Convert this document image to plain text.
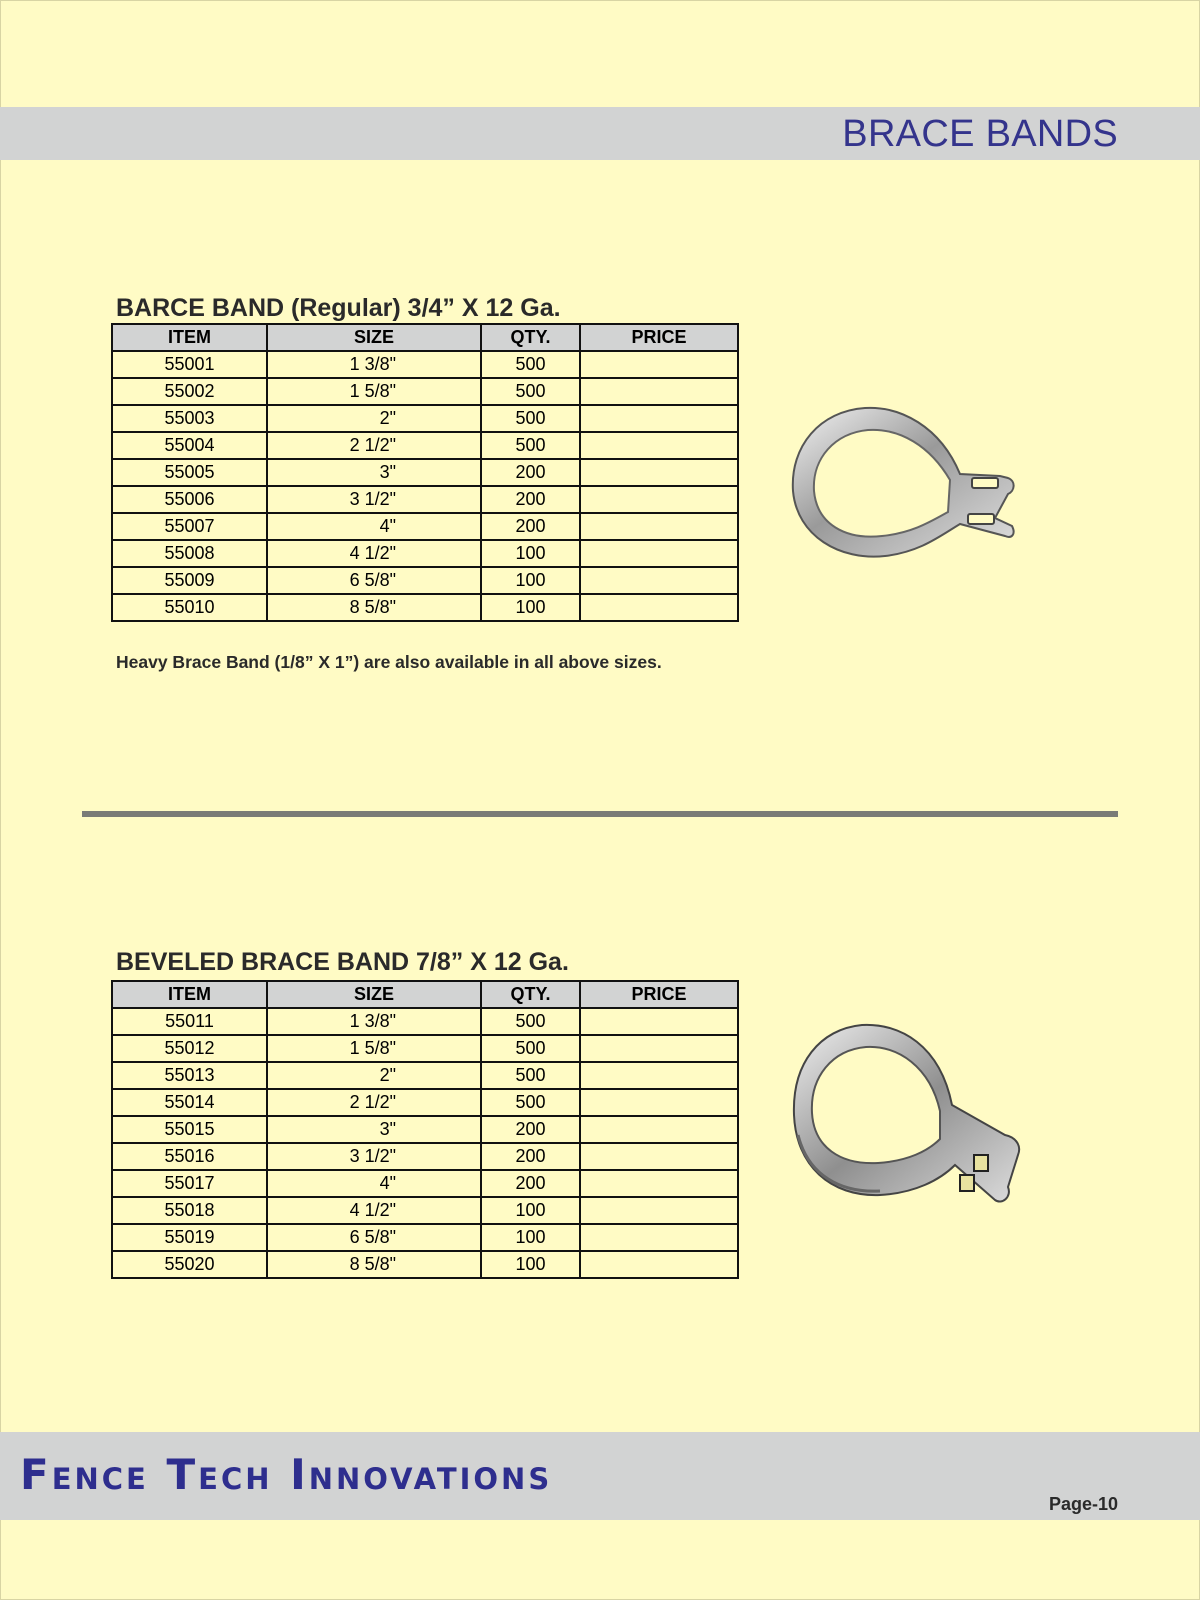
BRACE BANDS
BARCE BAND (Regular) 3/4” X 12 Ga.
ITEM	SIZE	QTY.	PRICE
55001	1 3/8"	500	
55002	1 5/8"	500	
55003	2"	500	
55004	2 1/2"	500	
55005	3"	200	
55006	3 1/2"	200	
55007	4"	200	
55008	4 1/2"	100	
55009	6 5/8"	100	
55010	8 5/8"	100	
Heavy Brace Band (1/8” X 1”) are also available in all above sizes.
BEVELED BRACE BAND 7/8” X 12 Ga.
ITEM	SIZE	QTY.	PRICE
55011	1 3/8"	500	
55012	1 5/8"	500	
55013	2"	500	
55014	2 1/2"	500	
55015	3"	200	
55016	3 1/2"	200	
55017	4"	200	
55018	4 1/2"	100	
55019	6 5/8"	100	
55020	8 5/8"	100	
Fence Tech Innovations
Page-10
